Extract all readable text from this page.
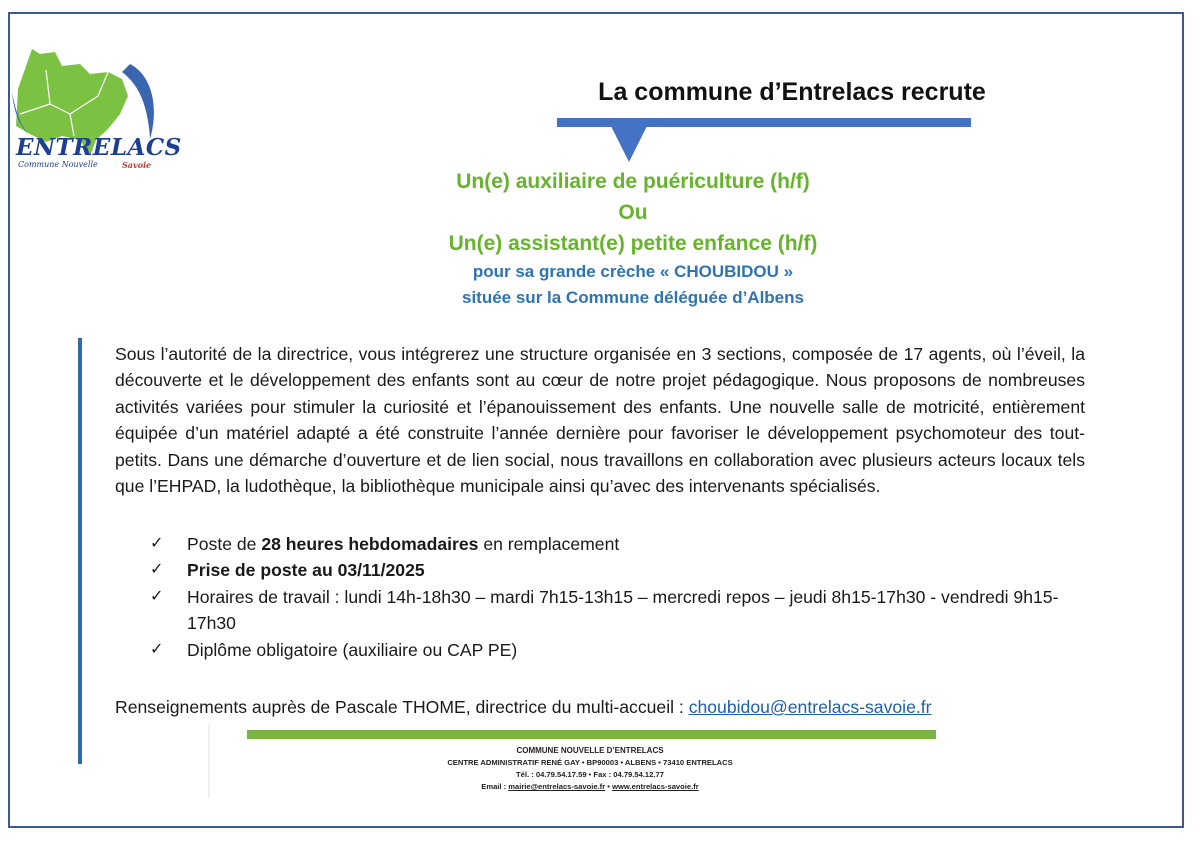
ENTRELACS
Commune Nouvelle	Savoie
La commune d’Entrelacs recrute
Un(e) auxiliaire de puériculture (h/f)
Ou
Un(e) assistant(e) petite enfance (h/f)
pour sa grande crèche « CHOUBIDOU »
située sur la Commune déléguée d’Albens
Sous l’autorité de la directrice, vous intégrerez une structure organisée en 3 sections, composée de 17 agents, où l’éveil, la découverte et le développement des enfants sont au cœur de notre projet pédagogique. Nous proposons de nombreuses activités variées pour stimuler la curiosité et l’épanouissement des enfants. Une nouvelle salle de motricité, entièrement équipée d’un matériel adapté a été construite l’année dernière pour favoriser le développement psychomoteur des tout-petits. Dans une démarche d’ouverture et de lien social, nous travaillons en collaboration avec plusieurs acteurs locaux tels que l’EHPAD, la ludothèque, la bibliothèque municipale ainsi qu’avec des intervenants spécialisés.
✓	Poste de 28 heures hebdomadaires en remplacement
✓	Prise de poste au 03/11/2025
✓	Horaires de travail : lundi 14h-18h30 – mardi 7h15-13h15 – mercredi repos – jeudi 8h15-17h30 - vendredi 9h15-17h30
✓	Diplôme obligatoire (auxiliaire ou CAP PE)
Renseignements auprès de Pascale THOME, directrice du multi-accueil : choubidou@entrelacs-savoie.fr
COMMUNE NOUVELLE D’ENTRELACS
CENTRE ADMINISTRATIF RENÉ GAY • BP90003 • ALBENS • 73410 ENTRELACS
Tél. : 04.79.54.17.59 • Fax : 04.79.54.12.77
Email : mairie@entrelacs-savoie.fr • www.entrelacs-savoie.fr
